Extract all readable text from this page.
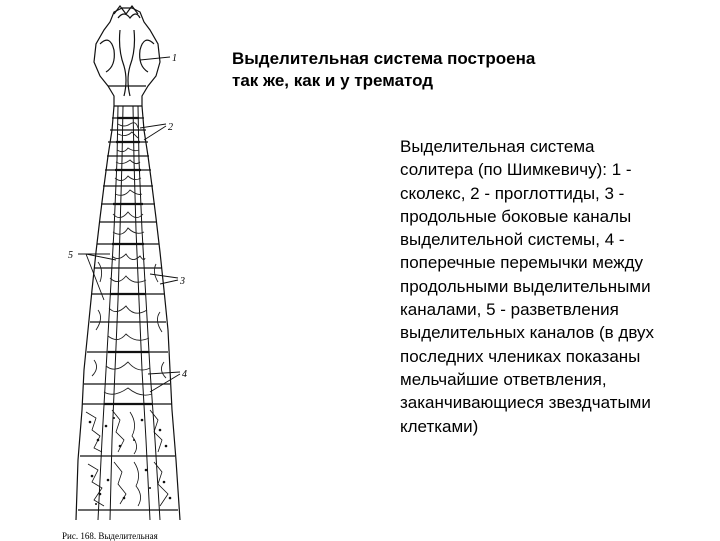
1
2
5
3
4
Выделительная система построена
так же, как и у трематод
Выделительная система
солитера (по Шимкевичу): 1 -
сколекс, 2 - проглоттиды, 3 -
продольные боковые каналы
выделительной системы, 4 -
поперечные перемычки между
продольными выделительными
каналами, 5 - разветвления
выделительных каналов (в двух
последних члениках показаны
мельчайшие ответвления,
заканчивающиеся звездчатыми
клетками)
Рис. 168. Выделительная
